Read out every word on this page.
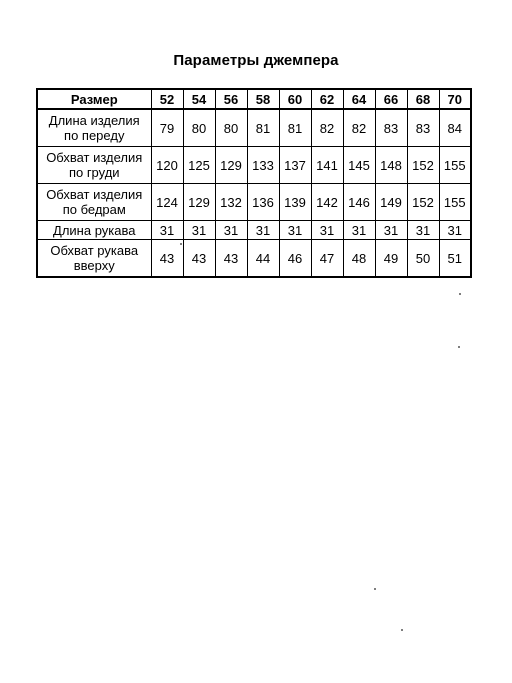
Параметры джемпера
Размер	52	54	56	58	60	62	64	66	68	70

Длина изделия
по переду	79	80	80	81	81	82	82	83	83	84

Обхват изделия
по груди	120	125	129	133	137	141	145	148	152	155

Обхват изделия
по бедрам	124	129	132	136	139	142	146	149	152	155

Длина рукава	31	31	31	31	31	31	31	31	31	31

Обхват рукава
вверху	43	43	43	44	46	47	48	49	50	51
